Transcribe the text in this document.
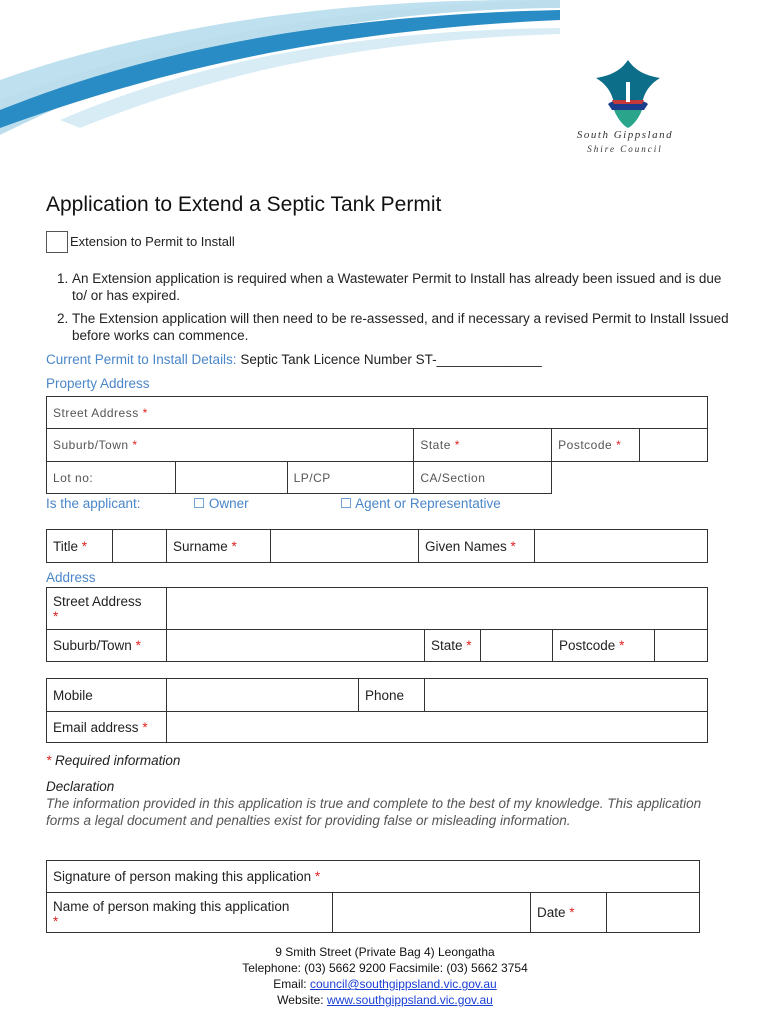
South Gippsland
Shire Council
Application to Extend a Septic Tank Permit
Extension to Permit to Install
1. An Extension application is required when a Wastewater Permit to Install has already been issued and is due to/ or has expired.
2. The Extension application will then need to be re-assessed, and if necessary a revised Permit to Install Issued before works can commence.
Current Permit to Install Details: Septic Tank Licence Number ST-______________
Property Address
Street Address *						
Suburb/Town *			State *		Postcode *	
Lot no:		LP/CP	CA/Section			
Is the applicant:	☐ Owner	☐ Agent or Representative
Title *		Surname *		Given Names *	
Address
Street Address
*					
Suburb/Town *		State *		Postcode *	
Mobile		Phone	
Email address *			
* Required information
Declaration
The information provided in this application is true and complete to the best of my knowledge. This application forms a legal document and penalties exist for providing false or misleading information.
Signature of person making this application *
Name of person making this application
*		Date *	
9 Smith Street (Private Bag 4) Leongatha
Telephone: (03) 5662 9200 Facsimile: (03) 5662 3754
Email: council@southgippsland.vic.gov.au
Website: www.southgippsland.vic.gov.au
